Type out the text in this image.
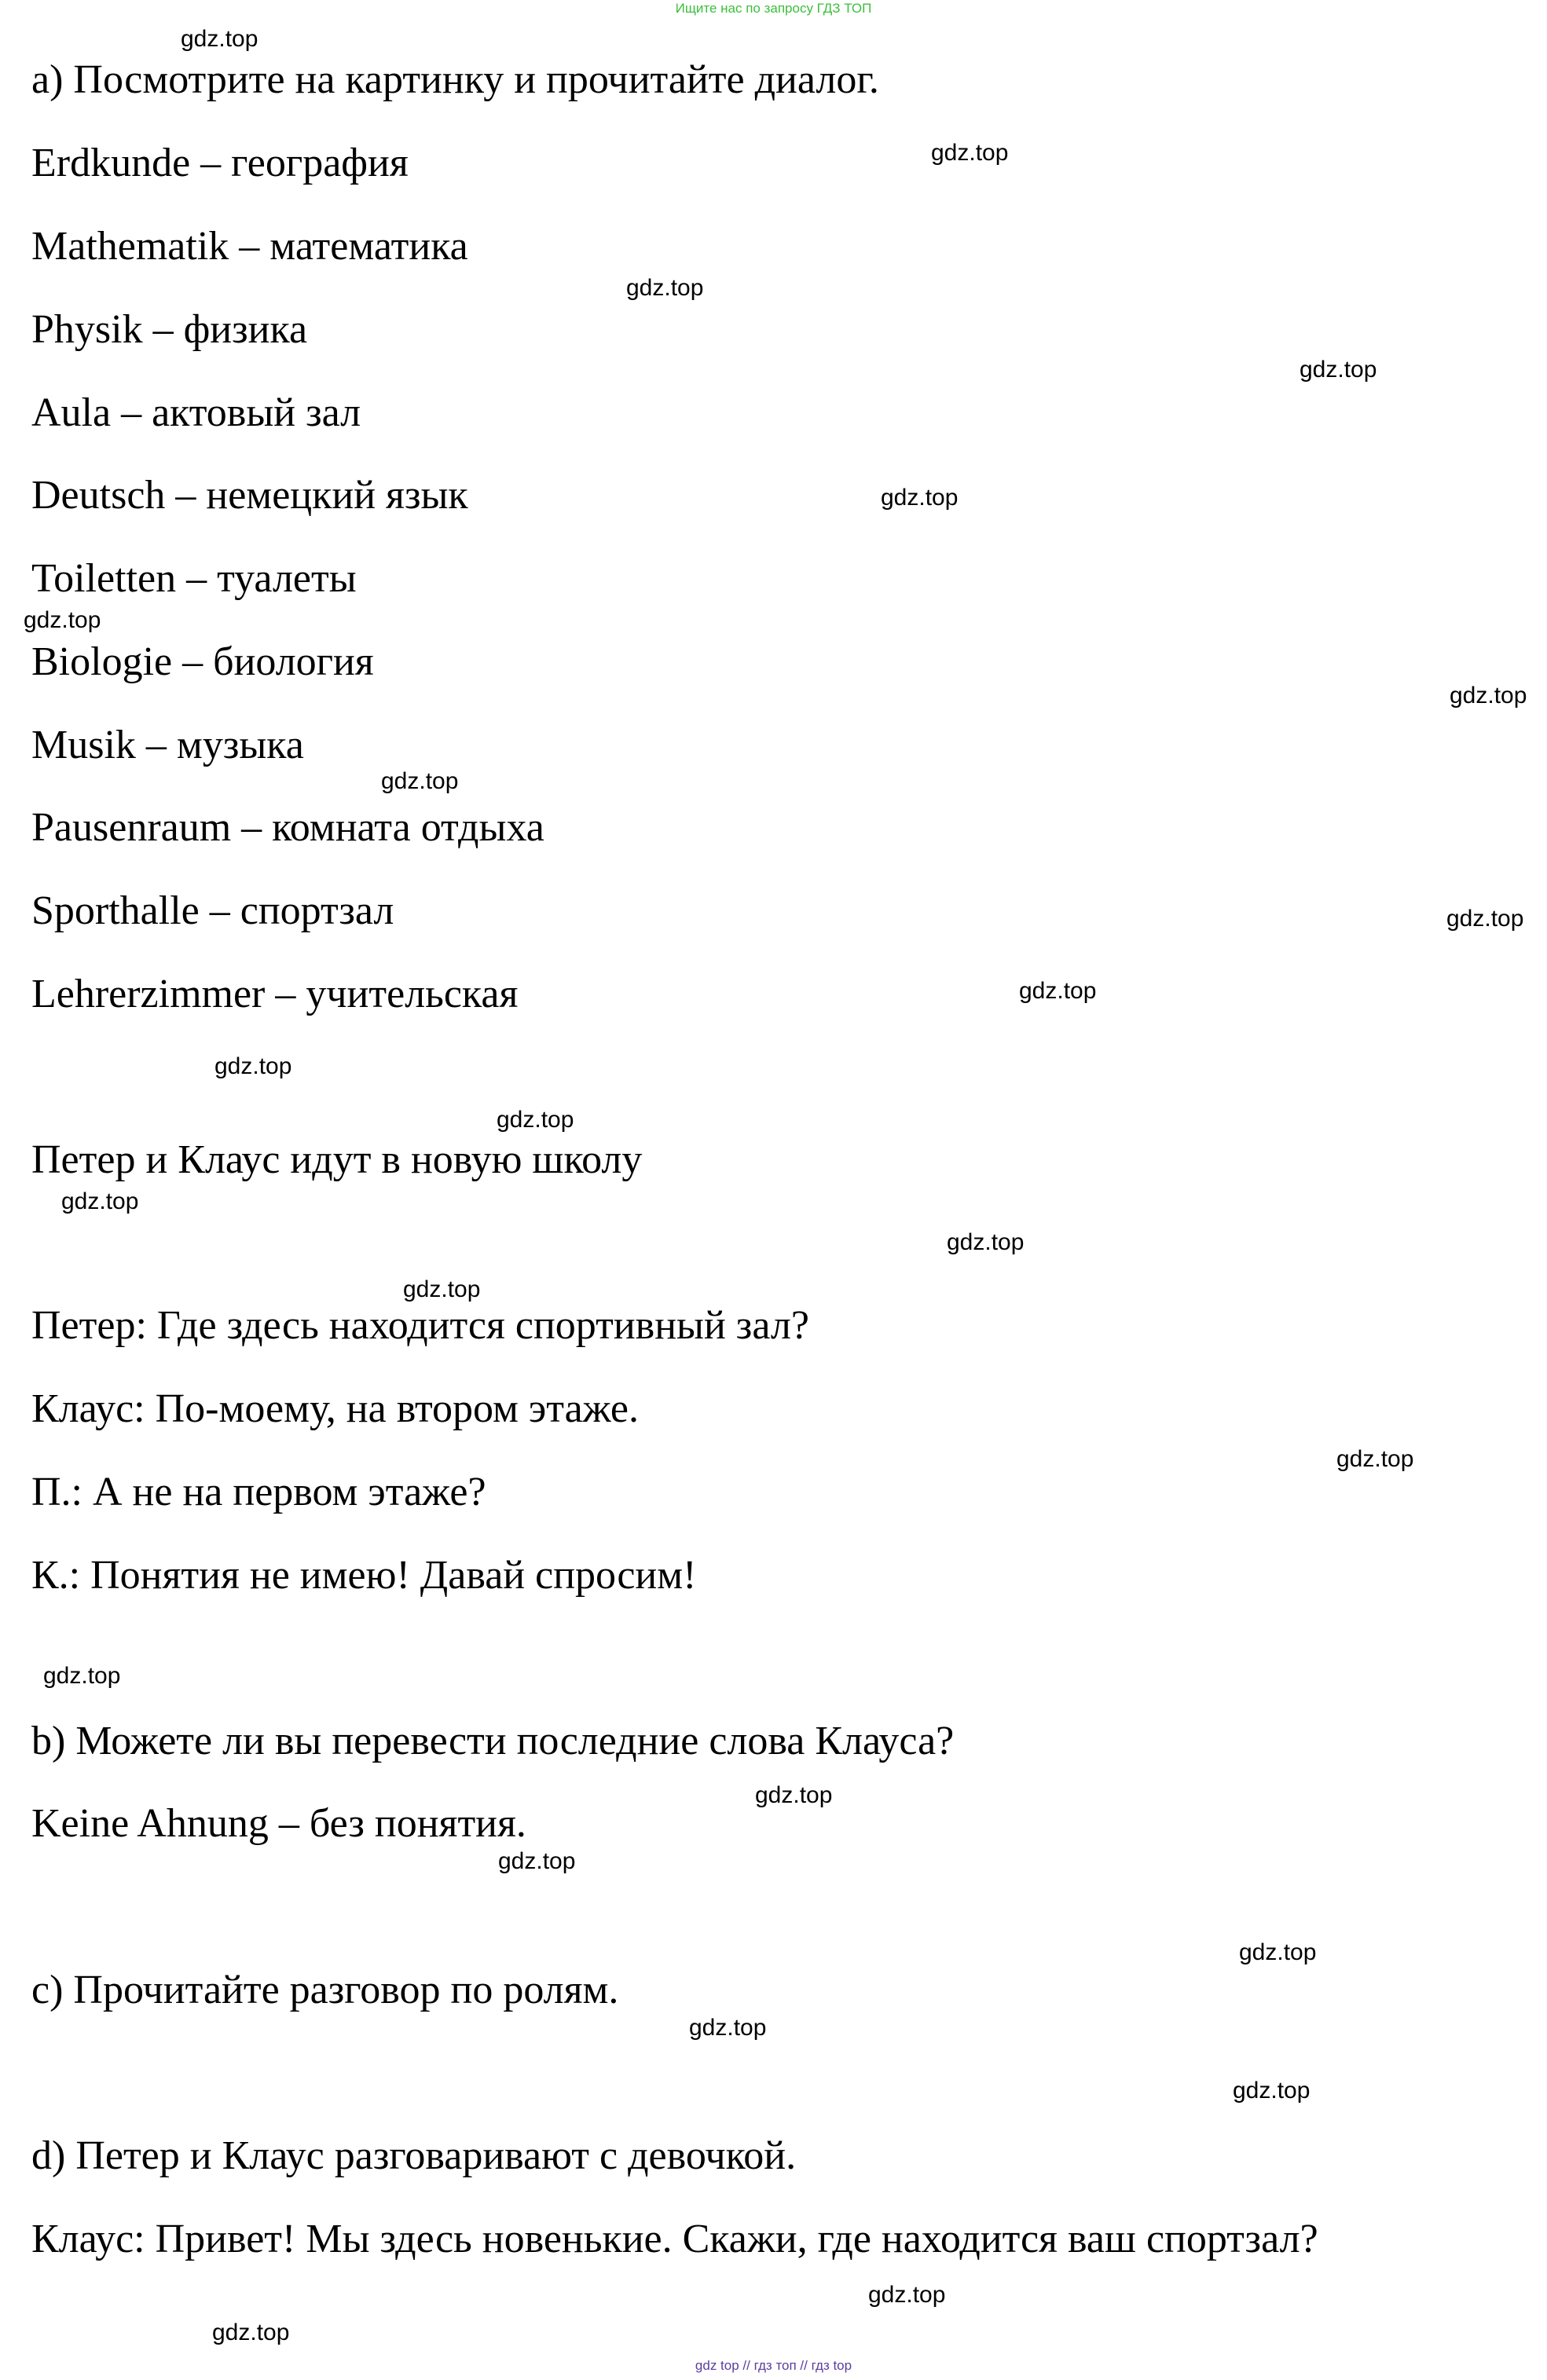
Ищите нас по запросу ГДЗ ТОП
а) Посмотрите на картинку и прочитайте диалог.
Erdkunde – география
Mathematik – математика
Physik – физика
Aula – актовый зал
Deutsch – немецкий язык
Toiletten – туалеты
Biologie – биология
Musik – музыка
Pausenraum – комната отдыха
Sporthalle – спортзал
Lehrerzimmer – учительская
Петер и Клаус идут в новую школу
Петер: Где здесь находится спортивный зал?
Клаус: По-моему, на втором этаже.
П.: А не на первом этаже?
К.: Понятия не имею! Давай спросим!
b) Можете ли вы перевести последние слова Клауса?
Keine Ahnung – без понятия.
c) Прочитайте разговор по ролям.
d) Петер и Клаус разговаривают с девочкой.
Клаус: Привет! Мы здесь новенькие. Скажи, где находится ваш спортзал?
gdz.top
gdz.top
gdz.top
gdz.top
gdz.top
gdz.top
gdz.top
gdz.top
gdz.top
gdz.top
gdz.top
gdz.top
gdz.top
gdz.top
gdz.top
gdz.top
gdz.top
gdz.top
gdz.top
gdz.top
gdz.top
gdz.top
gdz.top
gdz.top
gdz top // гдз топ // гдз top
